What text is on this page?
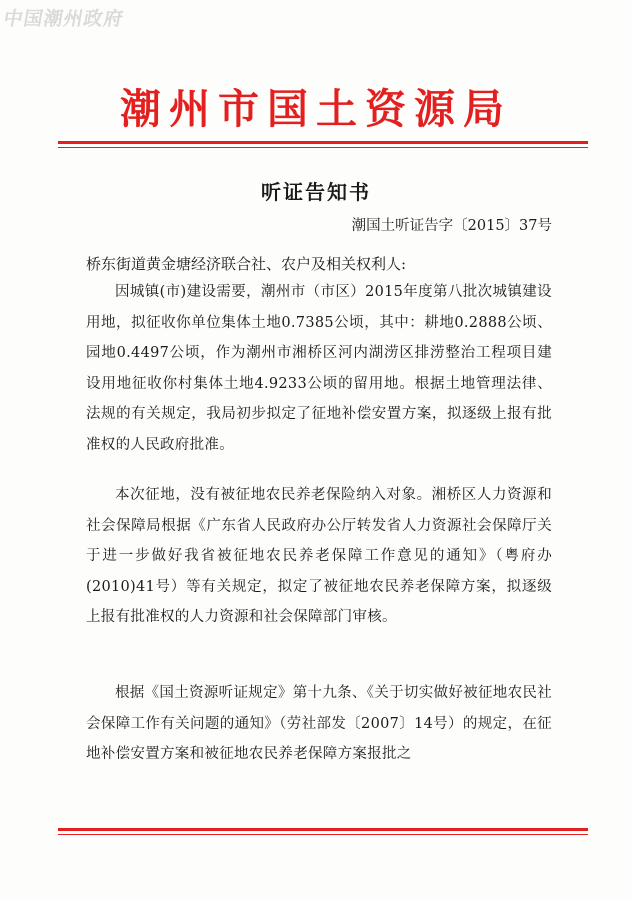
中国潮州政府
潮州市国土资源局
听证告知书
潮国土听证告字〔2015〕37号
桥东街道黄金塘经济联合社、农户及相关权利人:

因城镇(市)建设需要，潮州市（市区）2015年度第八批次城镇建设用地，拟征收你单位集体土地0.7385公顷，其中：耕地0.2888公顷、园地0.4497公顷，作为潮州市湘桥区河内湖涝区排涝整治工程项目建设用地征收你村集体土地4.9233公顷的留用地。根据土地管理法律、法规的有关规定，我局初步拟定了征地补偿安置方案，拟逐级上报有批准权的人民政府批准。

本次征地，没有被征地农民养老保险纳入对象。湘桥区人力资源和社会保障局根据《广东省人民政府办公厅转发省人力资源社会保障厅关于进一步做好我省被征地农民养老保障工作意见的通知》（粤府办(2010)41号）等有关规定，拟定了被征地农民养老保障方案，拟逐级上报有批准权的人力资源和社会保障部门审核。

根据《国土资源听证规定》第十九条、《关于切实做好被征地农民社会保障工作有关问题的通知》（劳社部发〔2007〕14号）的规定，在征地补偿安置方案和被征地农民养老保障方案报批之
